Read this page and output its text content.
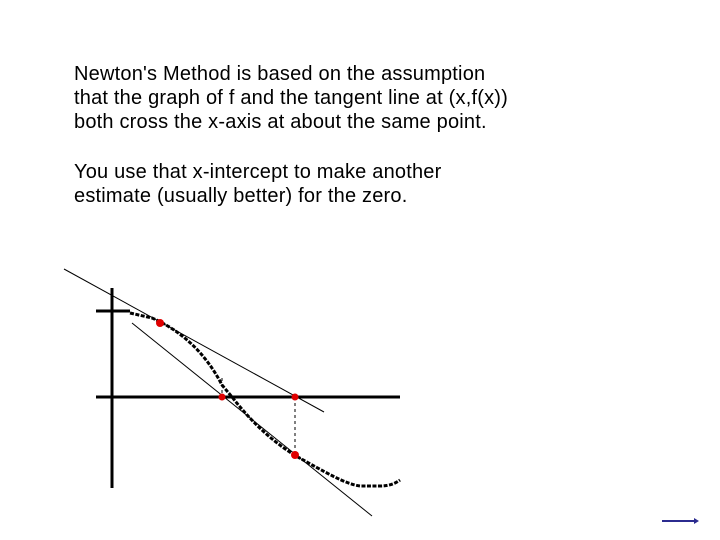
Newton's Method is based on the assumption
that the graph of f and the tangent line at (x,f(x))
both cross the x-axis at about the same point.

You use that x-intercept to make another
estimate (usually better) for the zero.
